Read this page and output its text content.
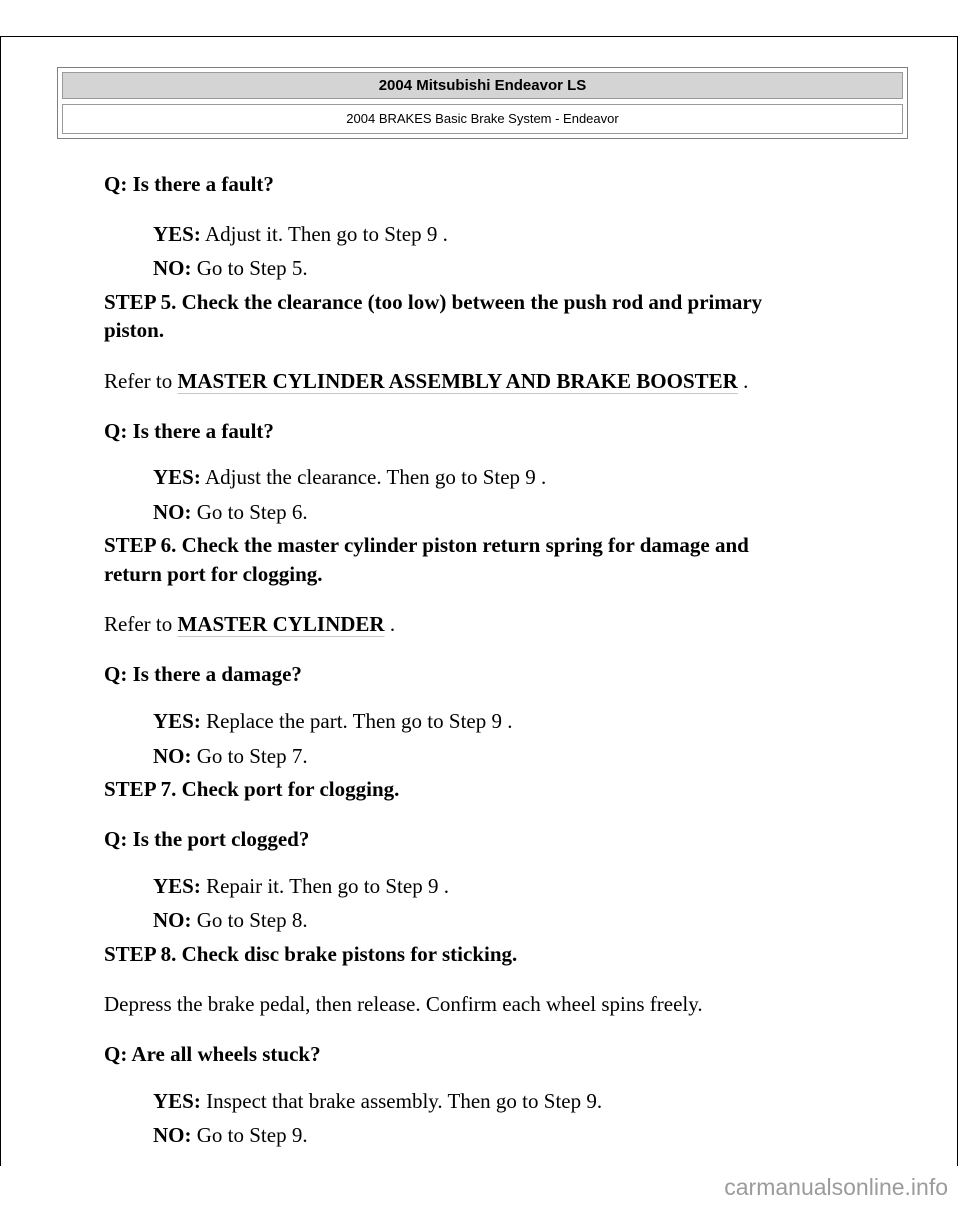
2004 Mitsubishi Endeavor LS
2004 BRAKES Basic Brake System - Endeavor
Q: Is there a fault?
YES: Adjust it. Then go to Step 9 .
NO: Go to Step 5.
STEP 5. Check the clearance (too low) between the push rod and primary
piston.
Refer to MASTER CYLINDER ASSEMBLY AND BRAKE BOOSTER .
Q: Is there a fault?
YES: Adjust the clearance. Then go to Step 9 .
NO: Go to Step 6.
STEP 6. Check the master cylinder piston return spring for damage and
return port for clogging.
Refer to MASTER CYLINDER .
Q: Is there a damage?
YES: Replace the part. Then go to Step 9 .
NO: Go to Step 7.
STEP 7. Check port for clogging.
Q: Is the port clogged?
YES: Repair it. Then go to Step 9 .
NO: Go to Step 8.
STEP 8. Check disc brake pistons for sticking.
Depress the brake pedal, then release. Confirm each wheel spins freely.
Q: Are all wheels stuck?
YES: Inspect that brake assembly. Then go to Step 9.
NO: Go to Step 9.
carmanualsonline.info
